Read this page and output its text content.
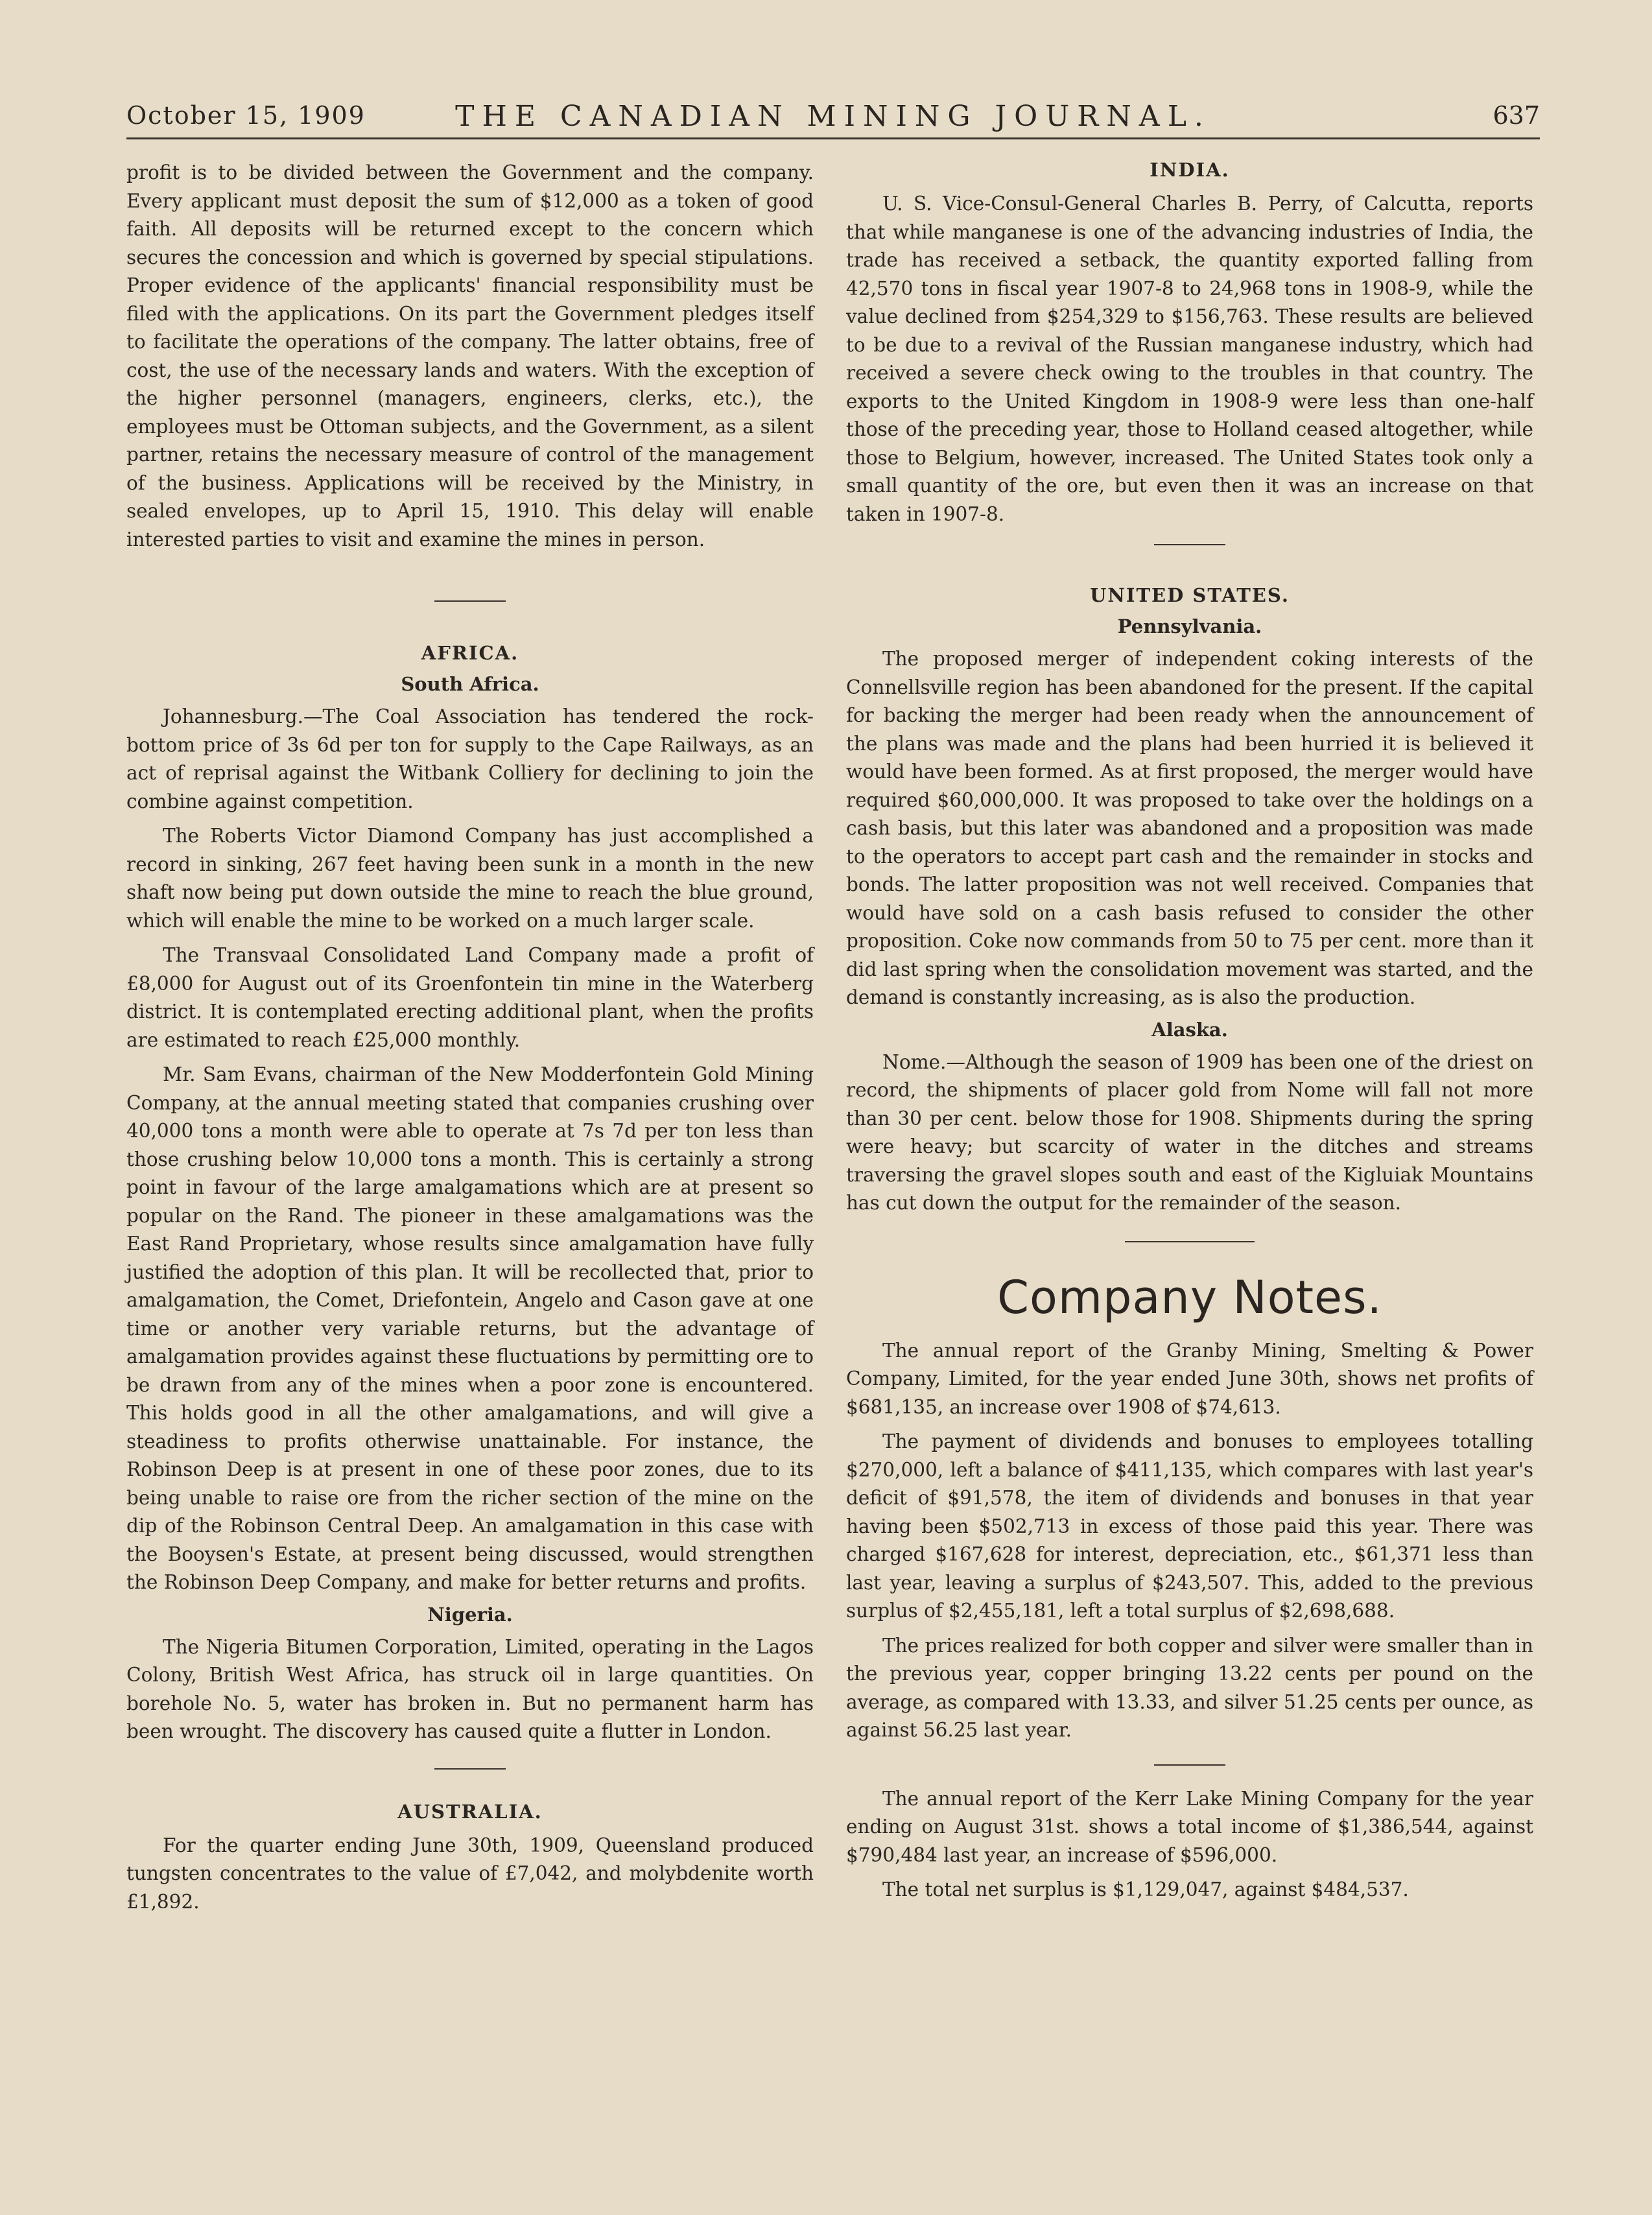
October 15, 1909	THE CANADIAN MINING JOURNAL.	637

profit is to be divided between the Government and the company. Every applicant must deposit the sum of $12,000 as a token of good faith. All deposits will be returned except to the concern which secures the concession and which is governed by special stipulations. Proper evidence of the applicants' financial responsibility must be filed with the applications. On its part the Government pledges itself to facilitate the operations of the company. The latter obtains, free of cost, the use of the necessary lands and waters. With the exception of the higher personnel (managers, engineers, clerks, etc.), the employees must be Ottoman subjects, and the Government, as a silent partner, retains the necessary measure of control of the management of the business. Applications will be received by the Ministry, in sealed envelopes, up to April 15, 1910. This delay will enable interested parties to visit and examine the mines in person.

AFRICA.
South Africa.

Johannesburg.—The Coal Association has tendered the rock-bottom price of 3s 6d per ton for supply to the Cape Railways, as an act of reprisal against the Witbank Colliery for declining to join the combine against competition.

The Roberts Victor Diamond Company has just accomplished a record in sinking, 267 feet having been sunk in a month in the new shaft now being put down outside the mine to reach the blue ground, which will enable the mine to be worked on a much larger scale.

The Transvaal Consolidated Land Company made a profit of £8,000 for August out of its Groenfontein tin mine in the Waterberg district. It is contemplated erecting additional plant, when the profits are estimated to reach £25,000 monthly.

Mr. Sam Evans, chairman of the New Modderfontein Gold Mining Company, at the annual meeting stated that companies crushing over 40,000 tons a month were able to operate at 7s 7d per ton less than those crushing below 10,000 tons a month. This is certainly a strong point in favour of the large amalgamations which are at present so popular on the Rand. The pioneer in these amalgamations was the East Rand Proprietary, whose results since amalgamation have fully justified the adoption of this plan. It will be recollected that, prior to amalgamation, the Comet, Driefontein, Angelo and Cason gave at one time or another very variable returns, but the advantage of amalgamation provides against these fluctuations by permitting ore to be drawn from any of the mines when a poor zone is encountered. This holds good in all the other amalgamations, and will give a steadiness to profits otherwise unattainable. For instance, the Robinson Deep is at present in one of these poor zones, due to its being unable to raise ore from the richer section of the mine on the dip of the Robinson Central Deep. An amalgamation in this case with the Booysen's Estate, at present being discussed, would strengthen the Robinson Deep Company, and make for better returns and profits.

Nigeria.

The Nigeria Bitumen Corporation, Limited, operating in the Lagos Colony, British West Africa, has struck oil in large quantities. On borehole No. 5, water has broken in. But no permanent harm has been wrought. The discovery has caused quite a flutter in London.

AUSTRALIA.

For the quarter ending June 30th, 1909, Queensland produced tungsten concentrates to the value of £7,042, and molybdenite worth £1,892.

INDIA.

U. S. Vice-Consul-General Charles B. Perry, of Calcutta, reports that while manganese is one of the advancing industries of India, the trade has received a setback, the quantity exported falling from 42,570 tons in fiscal year 1907-8 to 24,968 tons in 1908-9, while the value declined from $254,329 to $156,763. These results are believed to be due to a revival of the Russian manganese industry, which had received a severe check owing to the troubles in that country. The exports to the United Kingdom in 1908-9 were less than one-half those of the preceding year, those to Holland ceased altogether, while those to Belgium, however, increased. The United States took only a small quantity of the ore, but even then it was an increase on that taken in 1907-8.

UNITED STATES.
Pennsylvania.

The proposed merger of independent coking interests of the Connellsville region has been abandoned for the present. If the capital for backing the merger had been ready when the announcement of the plans was made and the plans had been hurried it is believed it would have been formed. As at first proposed, the merger would have required $60,000,000. It was proposed to take over the holdings on a cash basis, but this later was abandoned and a proposition was made to the operators to accept part cash and the remainder in stocks and bonds. The latter proposition was not well received. Companies that would have sold on a cash basis refused to consider the other proposition. Coke now commands from 50 to 75 per cent. more than it did last spring when the consolidation movement was started, and the demand is constantly increasing, as is also the production.

Alaska.

Nome.—Although the season of 1909 has been one of the driest on record, the shipments of placer gold from Nome will fall not more than 30 per cent. below those for 1908. Shipments during the spring were heavy; but scarcity of water in the ditches and streams traversing the gravel slopes south and east of the Kigluiak Mountains has cut down the output for the remainder of the season.

Company Notes.

The annual report of the Granby Mining, Smelting & Power Company, Limited, for the year ended June 30th, shows net profits of $681,135, an increase over 1908 of $74,613.

The payment of dividends and bonuses to employees totalling $270,000, left a balance of $411,135, which compares with last year's deficit of $91,578, the item of dividends and bonuses in that year having been $502,713 in excess of those paid this year. There was charged $167,628 for interest, depreciation, etc., $61,371 less than last year, leaving a surplus of $243,507. This, added to the previous surplus of $2,455,181, left a total surplus of $2,698,688.

The prices realized for both copper and silver were smaller than in the previous year, copper bringing 13.22 cents per pound on the average, as compared with 13.33, and silver 51.25 cents per ounce, as against 56.25 last year.

The annual report of the Kerr Lake Mining Company for the year ending on August 31st. shows a total income of $1,386,544, against $790,484 last year, an increase of $596,000.

The total net surplus is $1,129,047, against $484,537.
